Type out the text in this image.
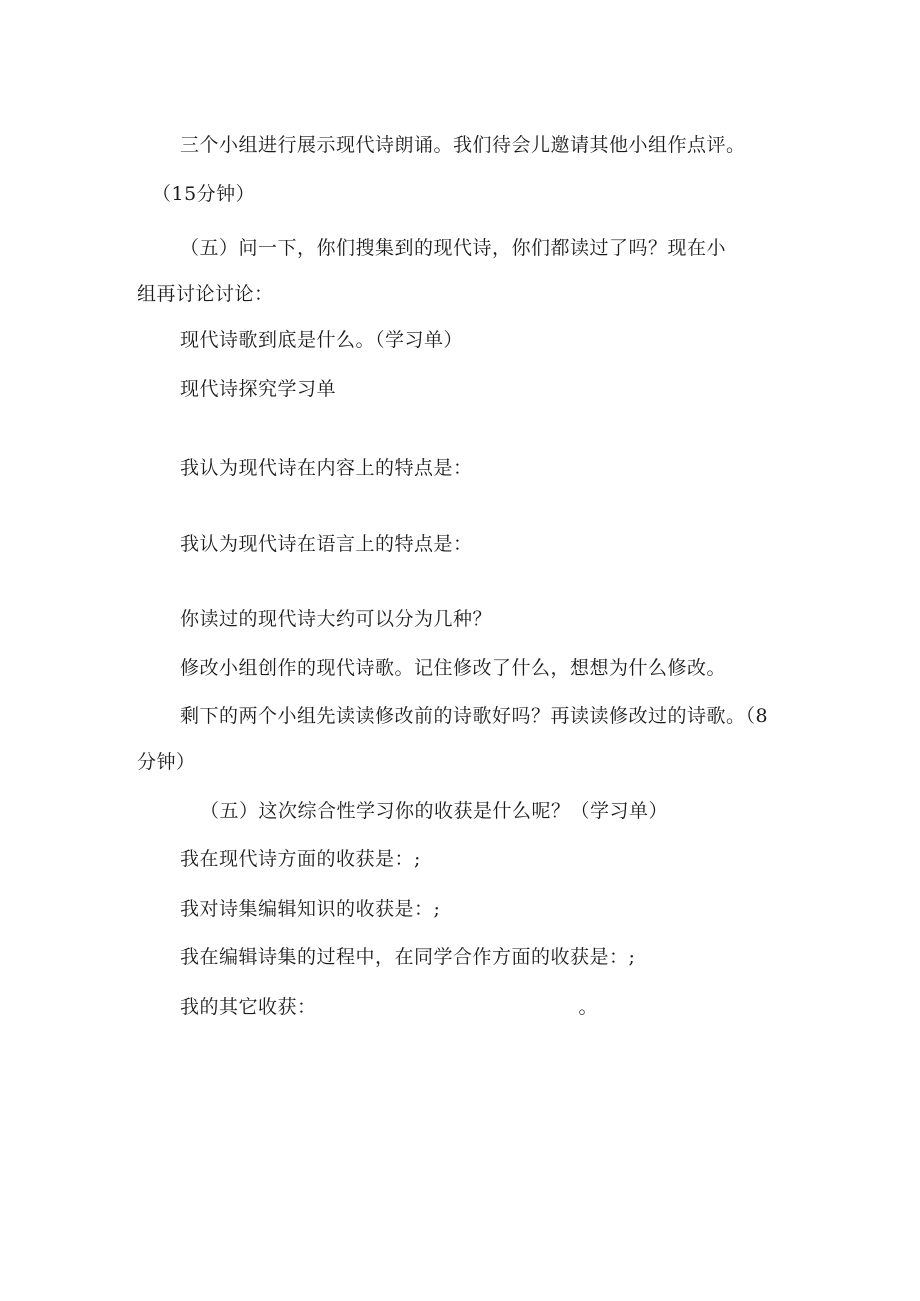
三个小组进行展示现代诗朗诵。我们待会儿邀请其他小组作点评。
（15分钟）
（五）问一下，你们搜集到的现代诗，你们都读过了吗？现在小
组再讨论讨论：
现代诗歌到底是什么。（学习单）
现代诗探究学习单
我认为现代诗在内容上的特点是：
我认为现代诗在语言上的特点是：
你读过的现代诗大约可以分为几种？
修改小组创作的现代诗歌。记住修改了什么，想想为什么修改。
剩下的两个小组先读读修改前的诗歌好吗？再读读修改过的诗歌。（8
分钟）
（五）这次综合性学习你的收获是什么呢？（学习单）
我在现代诗方面的收获是：;
我对诗集编辑知识的收获是：;
我在编辑诗集的过程中，在同学合作方面的收获是：;
我的其它收获：	。
